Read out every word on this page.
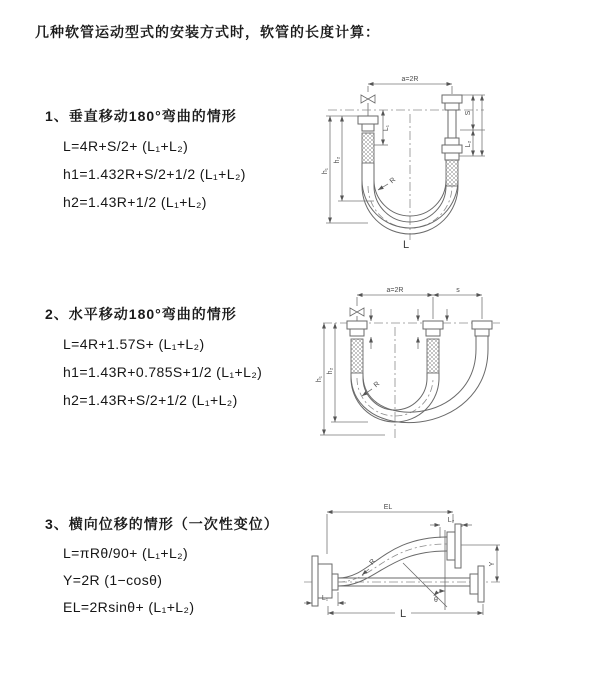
几种软管运动型式的安装方式时，软管的长度计算：
1、垂直移动180°弯曲的情形
L=4R+S/2+ (L₁+L₂)
h1=1.432R+S/2+1/2 (L₁+L₂)
h2=1.43R+1/2 (L₁+L₂)
2、水平移动180°弯曲的情形
L=4R+1.57S+ (L₁+L₂)
h1=1.43R+0.785S+1/2 (L₁+L₂)
h2=1.43R+S/2+1/2 (L₁+L₂)
3、横向位移的情形（一次性变位）
L=πRθ/90+ (L₁+L₂)
Y=2R (1−cosθ)
EL=2Rsinθ+ (L₁+L₂)
a=2R
h₁
h₂
L₁
S
L₂
R
L
a=2R	s
h₁
h₂
R
EL
L₂
Y
θ
R
L₁
L
